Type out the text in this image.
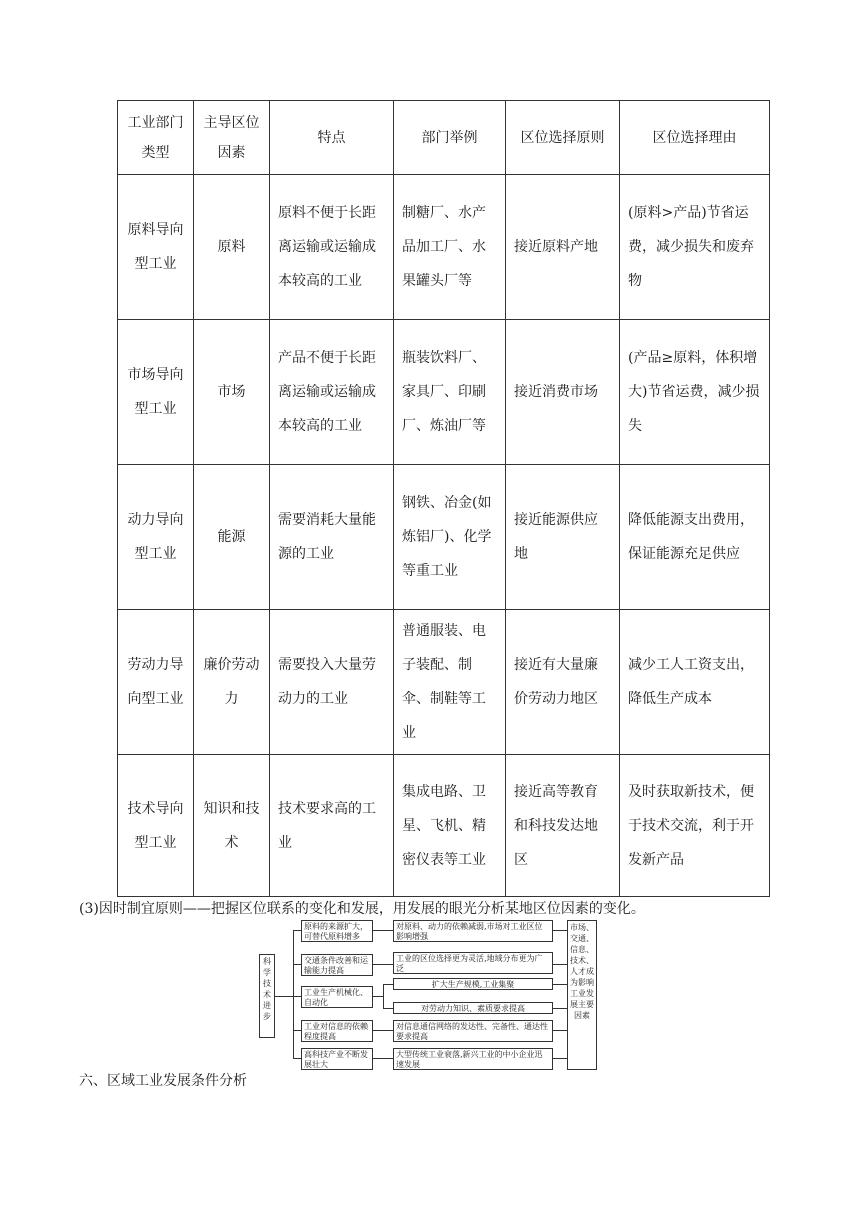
工业部门类型	主导区位因素	特点	部门举例	区位选择原则	区位选择理由
原料导向型工业	原料	原料不便于长距离运输或运输成本较高的工业	制糖厂、水产品加工厂、水果罐头厂等	接近原料产地	(原料>产品)节省运费，减少损失和废弃物
市场导向型工业	市场	产品不便于长距离运输或运输成本较高的工业	瓶装饮料厂、家具厂、印刷厂、炼油厂等	接近消费市场	(产品≥原料，体积增大)节省运费，减少损失
动力导向型工业	能源	需要消耗大量能源的工业	钢铁、冶金(如炼铝厂)、化学等重工业	接近能源供应地	降低能源支出费用，保证能源充足供应
劳动力导向型工业	廉价劳动力	需要投入大量劳动力的工业	普通服装、电子装配、制伞、制鞋等工业	接近有大量廉价劳动力地区	减少工人工资支出，降低生产成本
技术导向型工业	知识和技术	技术要求高的工业	集成电路、卫星、飞机、精密仪表等工业	接近高等教育和科技发达地区	及时获取新技术，便于技术交流，利于开发新产品
(3)因时制宜原则——把握区位联系的变化和发展，用发展的眼光分析某地区位因素的变化。
科学技术进步
原料的来源扩大，可替代原料增多
交通条件改善和运输能力提高
工业生产机械化、自动化
工业对信息的依赖程度提高
高科技产业不断发展壮大
对原料、动力的依赖减弱,市场对工业区位影响增强
工业的区位选择更为灵活,地域分布更为广泛
扩大生产规模,工业集聚
对劳动力知识、素质要求提高
对信息通信网络的发达性、完备性、通达性要求提高
大型传统工业衰落,新兴工业的中小企业迅速发展
市场、交通、信息、技术、人才成为影响工业发展主要因素
六、区域工业发展条件分析
